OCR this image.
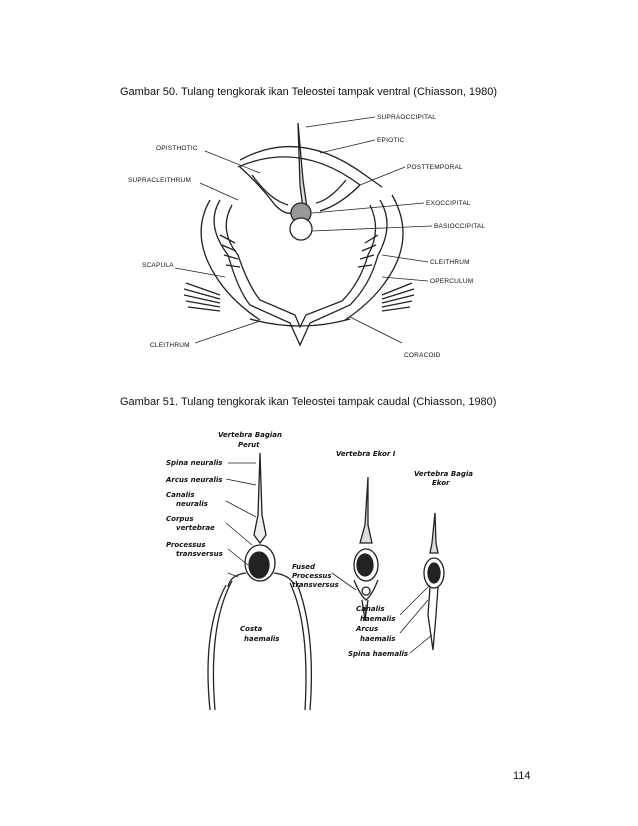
Gambar 50. Tulang tengkorak ikan Teleostei tampak ventral (Chiasson, 1980)
SUPRAOCCIPITAL
EPIOTIC
OPISTHOTIC
POSTTEMPORAL
SUPRACLEITHRUM
EXOCCIPITAL
BASIOCCIPITAL
SCAPULA	CLEITHRUM
OPERCULUM
CLEITHRUM
CORACOID
Gambar 51. Tulang tengkorak ikan Teleostei tampak caudal (Chiasson, 1980)
Vertebra Bagian
Perut
Spina neuralis
Arcus neuralis
Canalis
neuralis
Corpus
vertebrae
Processus
transversus
Costa
haemalis
Vertebra Ekor I
Fused
Processus
transversus
Vertebra Bagia
Ekor
Canalis
haemalis
Arcus
haemalis
Spina haemalis
114
